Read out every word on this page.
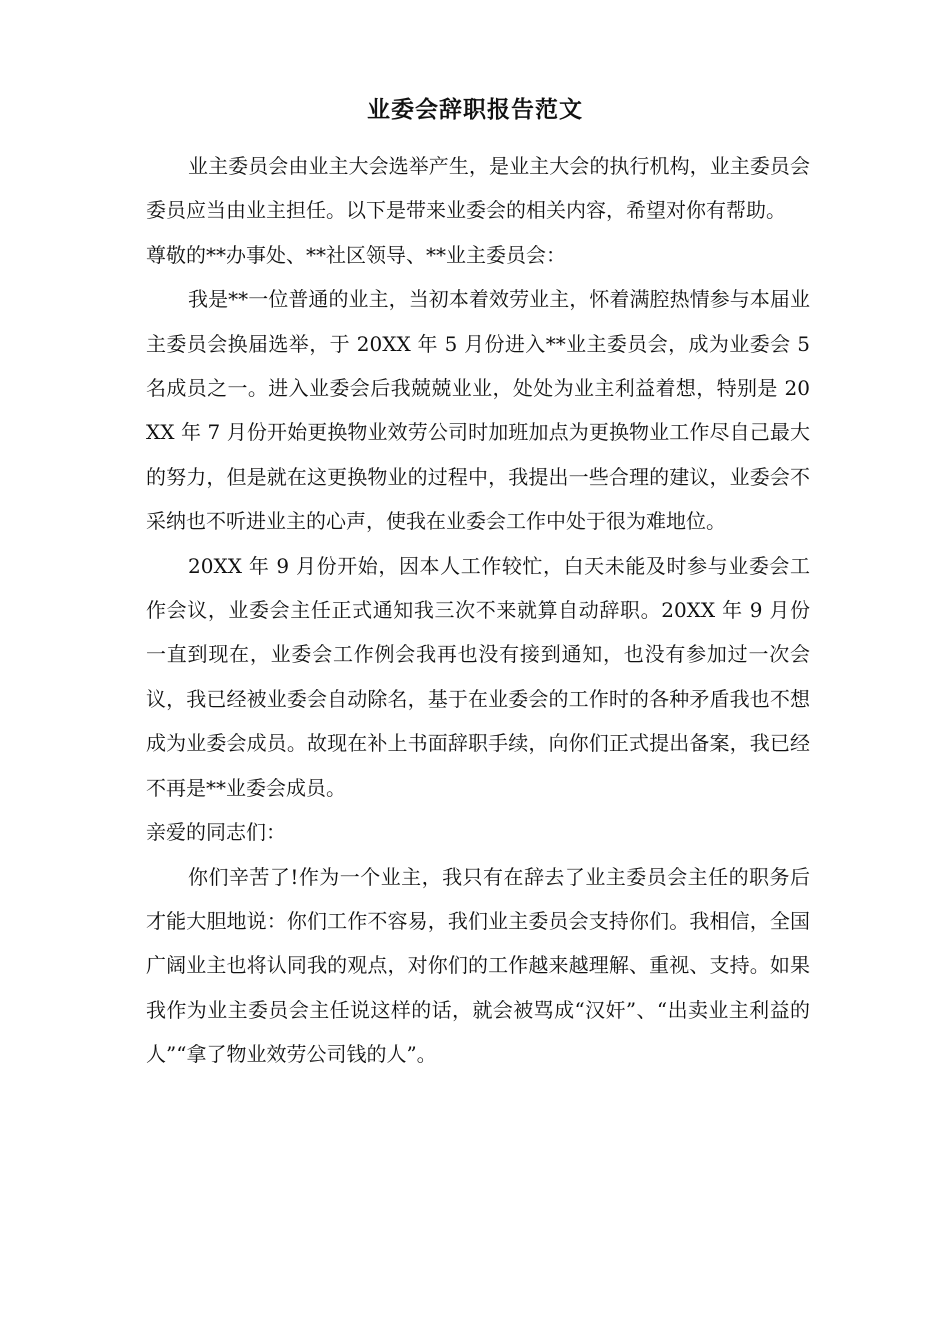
业委会辞职报告范文

业主委员会由业主大会选举产生，是业主大会的执行机构，业主委员会委员应当由业主担任。以下是带来业委会的相关内容，希望对你有帮助。

尊敬的**办事处、**社区领导、**业主委员会：

我是**一位普通的业主，当初本着效劳业主，怀着满腔热情参与本届业主委员会换届选举，于 20XX 年 5 月份进入**业主委员会，成为业委会 5 名成员之一。进入业委会后我兢兢业业，处处为业主利益着想，特别是 20XX 年 7 月份开始更换物业效劳公司时加班加点为更换物业工作尽自己最大的努力，但是就在这更换物业的过程中，我提出一些合理的建议，业委会不采纳也不听进业主的心声，使我在业委会工作中处于很为难地位。

20XX 年 9 月份开始，因本人工作较忙，白天未能及时参与业委会工作会议，业委会主任正式通知我三次不来就算自动辞职。20XX 年 9 月份一直到现在，业委会工作例会我再也没有接到通知，也没有参加过一次会议，我已经被业委会自动除名，基于在业委会的工作时的各种矛盾我也不想成为业委会成员。故现在补上书面辞职手续，向你们正式提出备案，我已经不再是**业委会成员。

亲爱的同志们：

你们辛苦了!作为一个业主，我只有在辞去了业主委员会主任的职务后才能大胆地说：你们工作不容易，我们业主委员会支持你们。我相信，全国广阔业主也将认同我的观点，对你们的工作越来越理解、重视、支持。如果我作为业主委员会主任说这样的话，就会被骂成“汉奸”、“出卖业主利益的人”“拿了物业效劳公司钱的人”。
